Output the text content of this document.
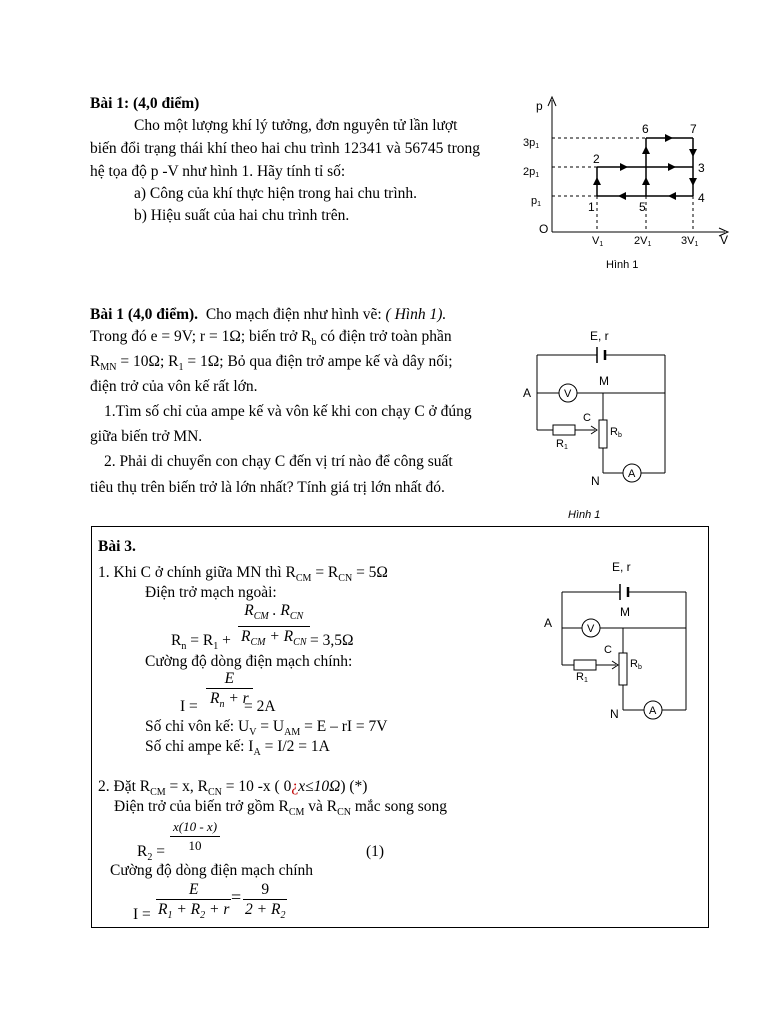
Bài 1: (4,0 điểm)
Cho một lượng khí lý tưởng, đơn nguyên tử lần lượt
biến đổi trạng thái khí theo hai chu trình 12341 và 56745 trong
hệ tọa độ p -V như hình 1. Hãy tính tỉ số:
a) Công của khí thực hiện trong hai chu trình.
b) Hiệu suất của hai chu trình trên.
p
V
O
3p1
2p1
p1
V1	2V1	3V1
1
2
3
4
5
6	7
Hình 1
Bài 1 (4,0 điểm). Cho mạch điện như hình vẽ: ( Hình 1).
Trong đó e = 9V; r = 1Ω; biến trở $R_b$ có điện trở toàn phần
$R_{MN} = 10\Omega$; $R_1 = 1\Omega$; Bỏ qua điện trở ampe kế và dây nối;
điện trở của vôn kế rất lớn.
1.Tìm số chỉ của ampe kế và vôn kế khi con chạy C ở đúng
giữa biến trở MN.
2. Phải di chuyển con chạy C đến vị trí nào để công suất
tiêu thụ trên biến trở là lớn nhất? Tính giá trị lớn nhất đó.
E, r
A	V
M
C
Rb
R1
A
N
Hình 1
Bài 3.
1. Khi C ở chính giữa MN thì $R_{CM} = R_{CN} = 5\Omega$
Điện trở mạch ngoài:
$R_n = R_1$ +
$R_{CM}$ . $R_{CN}$
$R_{CM} + R_{CN} = 3,5\Omega$
Cường độ dòng điện mạch chính:
I =
E
$R_n + r$
= 2A
Số chỉ vôn kế: $U_V = U_{AM} = E$ – rI = 7V
Số chỉ ampe kế: $I_A = I/2 = 1A$
2. Đặt $R_{CM} = x$, $R_{CN} = 10$ -x ( 0¿x≤10Ω) (*)
Điện trở của biến trở gồm $R_{CM}$ và $R_{CN}$ mắc song song
$R_2$ =
x(10 - x)
10	(1)
Cường độ dòng điện mạch chính
I =
E
$R_1 + R_2 + r$
=	9
$2 + R_2$
E, r
A	V
M
C
Rb
R1
A
N
